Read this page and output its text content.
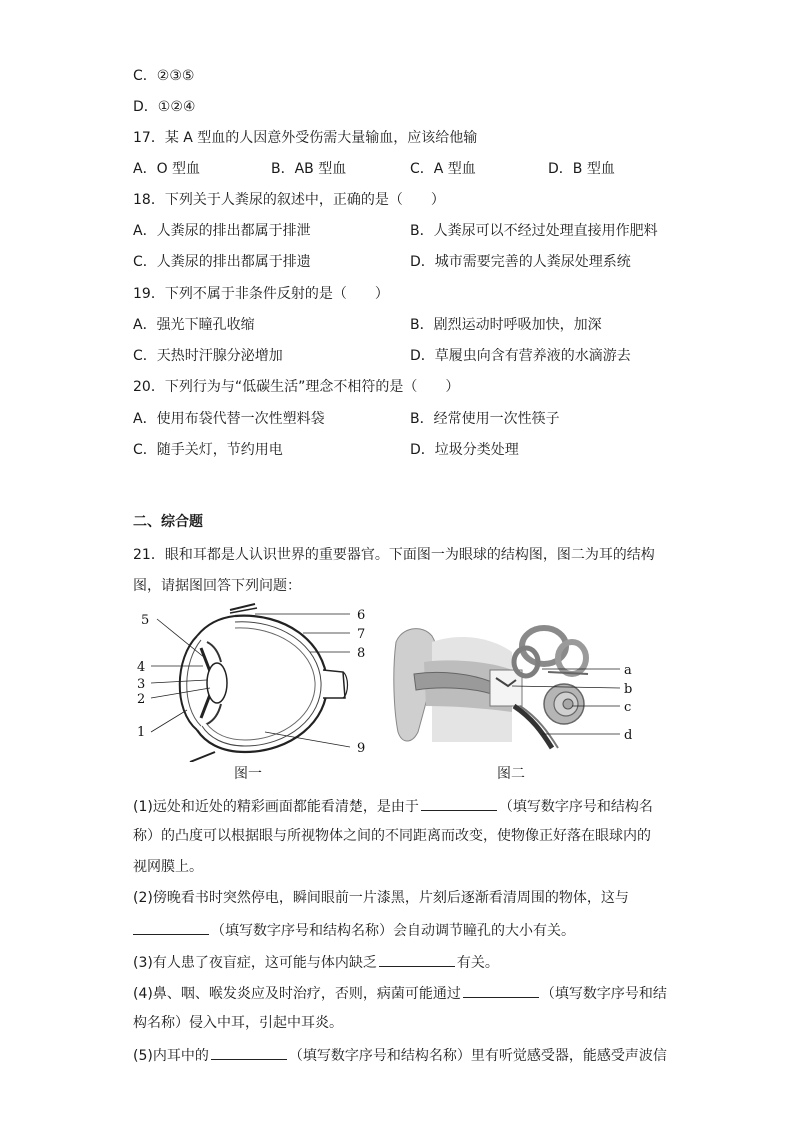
C．②③⑤
D．①②④
17．某 A 型血的人因意外受伤需大量输血，应该给他输
A．O 型血	B．AB 型血	C．A 型血	D．B 型血
18．下列关于人粪尿的叙述中，正确的是（　　）
A．人粪尿的排出都属于排泄	B．人粪尿可以不经过处理直接用作肥料
C．人粪尿的排出都属于排遗	D．城市需要完善的人粪尿处理系统
19．下列不属于非条件反射的是（　　）
A．强光下瞳孔收缩	B．剧烈运动时呼吸加快，加深
C．天热时汗腺分泌增加	D．草履虫向含有营养液的水滴游去
20．下列行为与“低碳生活”理念不相符的是（　　）
A．使用布袋代替一次性塑料袋	B．经常使用一次性筷子
C．随手关灯，节约用电	D．垃圾分类处理
二、综合题
21．眼和耳都是人认识世界的重要器官。下面图一为眼球的结构图，图二为耳的结构
图，请据图回答下列问题：
1
2
3
4
5	6
7
8
9
a
b
c
d
图一	图二
(1)远处和近处的精彩画面都能看清楚，是由于	（填写数字序号和结构名
称）的凸度可以根据眼与所视物体之间的不同距离而改变，使物像正好落在眼球内的
视网膜上。
(2)傍晚看书时突然停电，瞬间眼前一片漆黑，片刻后逐渐看清周围的物体，这与
（填写数字序号和结构名称）会自动调节瞳孔的大小有关。
(3)有人患了夜盲症，这可能与体内缺乏	有关。
(4)鼻、咽、喉发炎应及时治疗，否则，病菌可能通过	（填写数字序号和结
构名称）侵入中耳，引起中耳炎。
(5)内耳中的	（填写数字序号和结构名称）里有听觉感受器，能感受声波信
